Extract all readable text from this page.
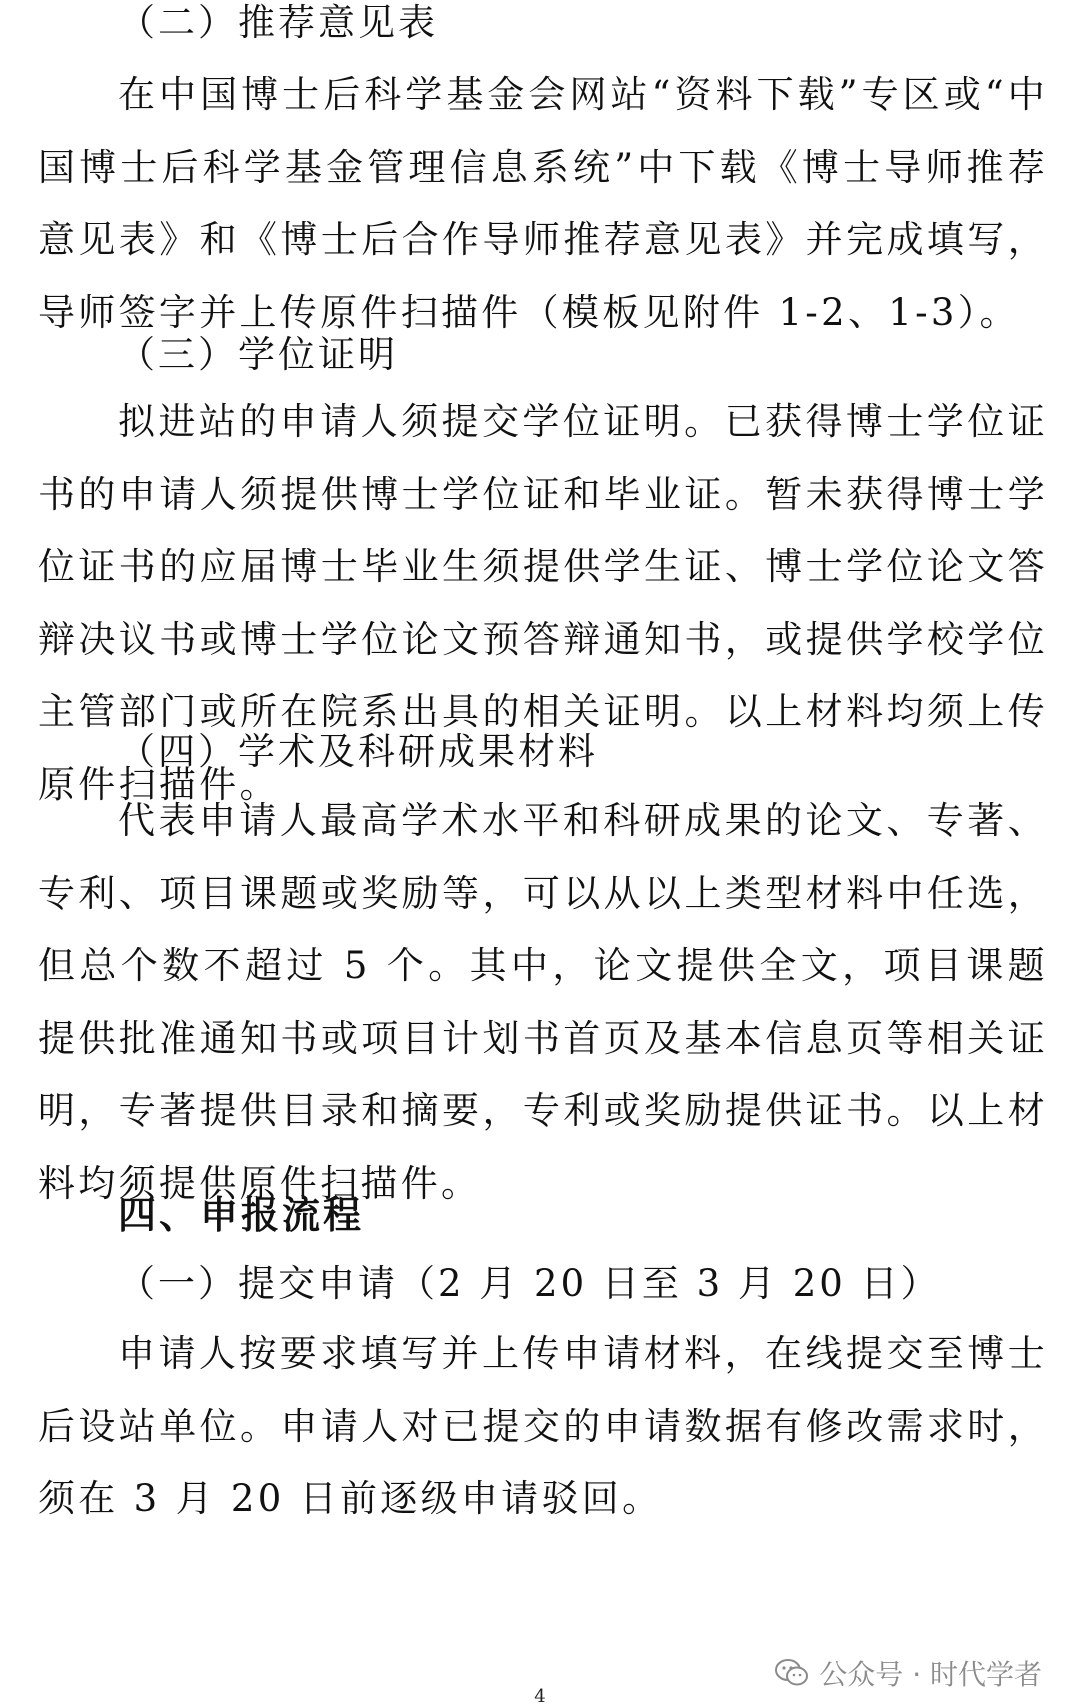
（二）推荐意见表

在中国博士后科学基金会网站“资料下载”专区或“中国博士后科学基金管理信息系统”中下载《博士导师推荐意见表》和《博士后合作导师推荐意见表》并完成填写，导师签字并上传原件扫描件（模板见附件 1-2、1-3）。

（三）学位证明

拟进站的申请人须提交学位证明。已获得博士学位证书的申请人须提供博士学位证和毕业证。暂未获得博士学位证书的应届博士毕业生须提供学生证、博士学位论文答辩决议书或博士学位论文预答辩通知书，或提供学校学位主管部门或所在院系出具的相关证明。以上材料均须上传原件扫描件。

（四）学术及科研成果材料

代表申请人最高学术水平和科研成果的论文、专著、专利、项目课题或奖励等，可以从以上类型材料中任选，但总个数不超过 5 个。其中，论文提供全文，项目课题提供批准通知书或项目计划书首页及基本信息页等相关证明，专著提供目录和摘要，专利或奖励提供证书。以上材料均须提供原件扫描件。

四、申报流程
（一）提交申请（2 月 20 日至 3 月 20 日）

申请人按要求填写并上传申请材料，在线提交至博士后设站单位。申请人对已提交的申请数据有修改需求时，须在 3 月 20 日前逐级申请驳回。

公众号 · 时代学者
4
